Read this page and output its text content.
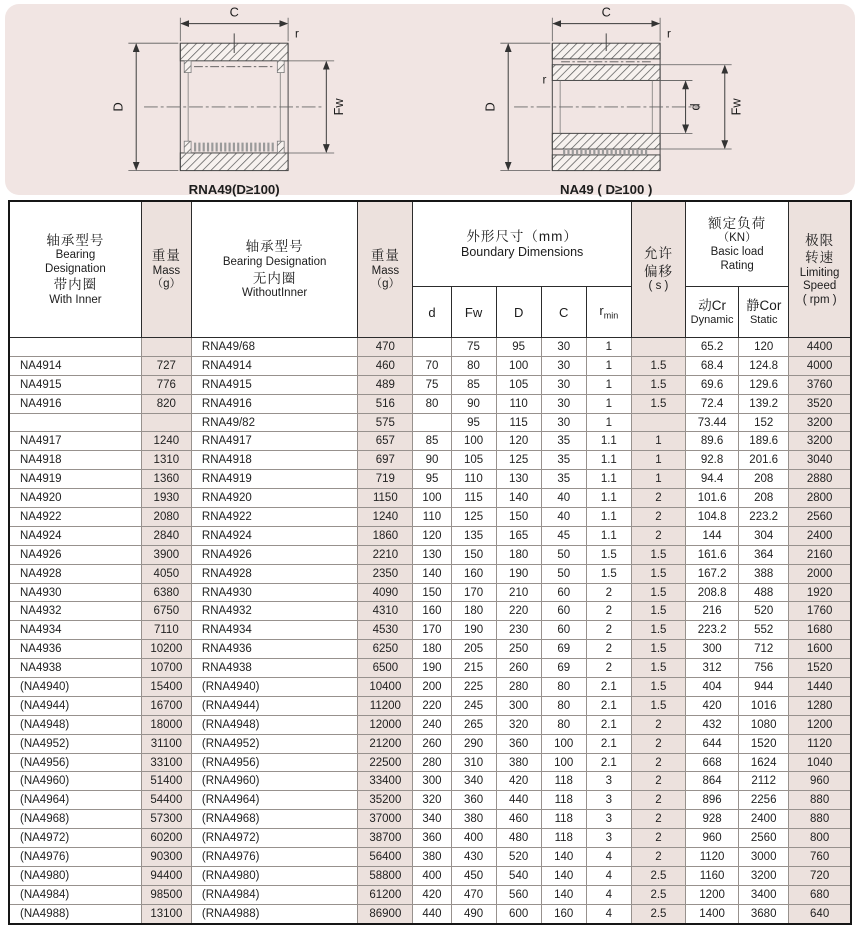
C
r
D	Fw
RNA49(D≥100)
C
r
r
D	d Fw
NA49 ( D≥100 )
轴承型号
Bearing
Designation
带内圈
With Inner

重量
Mass
（g）

轴承型号
Bearing Designation
无内圈
WithoutInner

重量
Mass
（g）

外形尺寸（mm）
Boundary Dimensions	允许
偏移
( s )

额定负荷
（KN）
Basic load
Rating

极限
转速
Limiting
Speed
( rpm )

d	Fw	D	C	$r_{min}$	
动Cr
Dynamic

静Cor
Static

		RNA49/68	470		75	95	30	1		65.2	120	4400
NA4914	727	RNA4914	460	70	80	100	30	1	1.5	68.4	124.8	4000
NA4915	776	RNA4915	489	75	85	105	30	1	1.5	69.6	129.6	3760
NA4916	820	RNA4916	516	80	90	110	30	1	1.5	72.4	139.2	3520
		RNA49/82	575		95	115	30	1		73.44	152	3200
NA4917	1240	RNA4917	657	85	100	120	35	1.1	1	89.6	189.6	3200
NA4918	1310	RNA4918	697	90	105	125	35	1.1	1	92.8	201.6	3040
NA4919	1360	RNA4919	719	95	110	130	35	1.1	1	94.4	208	2880
NA4920	1930	RNA4920	1150	100	115	140	40	1.1	2	101.6	208	2800
NA4922	2080	RNA4922	1240	110	125	150	40	1.1	2	104.8	223.2	2560
NA4924	2840	RNA4924	1860	120	135	165	45	1.1	2	144	304	2400
NA4926	3900	RNA4926	2210	130	150	180	50	1.5	1.5	161.6	364	2160
NA4928	4050	RNA4928	2350	140	160	190	50	1.5	1.5	167.2	388	2000
NA4930	6380	RNA4930	4090	150	170	210	60	2	1.5	208.8	488	1920
NA4932	6750	RNA4932	4310	160	180	220	60	2	1.5	216	520	1760
NA4934	7110	RNA4934	4530	170	190	230	60	2	1.5	223.2	552	1680
NA4936	10200	RNA4936	6250	180	205	250	69	2	1.5	300	712	1600
NA4938	10700	RNA4938	6500	190	215	260	69	2	1.5	312	756	1520
(NA4940)	15400	(RNA4940)	10400	200	225	280	80	2.1	1.5	404	944	1440
(NA4944)	16700	(RNA4944)	11200	220	245	300	80	2.1	1.5	420	1016	1280
(NA4948)	18000	(RNA4948)	12000	240	265	320	80	2.1	2	432	1080	1200
(NA4952)	31100	(RNA4952)	21200	260	290	360	100	2.1	2	644	1520	1120
(NA4956)	33100	(RNA4956)	22500	280	310	380	100	2.1	2	668	1624	1040
(NA4960)	51400	(RNA4960)	33400	300	340	420	118	3	2	864	2112	960
(NA4964)	54400	(RNA4964)	35200	320	360	440	118	3	2	896	2256	880
(NA4968)	57300	(RNA4968)	37000	340	380	460	118	3	2	928	2400	880
(NA4972)	60200	(RNA4972)	38700	360	400	480	118	3	2	960	2560	800
(NA4976)	90300	(RNA4976)	56400	380	430	520	140	4	2	1120	3000	760
(NA4980)	94400	(RNA4980)	58800	400	450	540	140	4	2.5	1160	3200	720
(NA4984)	98500	(RNA4984)	61200	420	470	560	140	4	2.5	1200	3400	680
(NA4988)	13100	(RNA4988)	86900	440	490	600	160	4	2.5	1400	3680	640
